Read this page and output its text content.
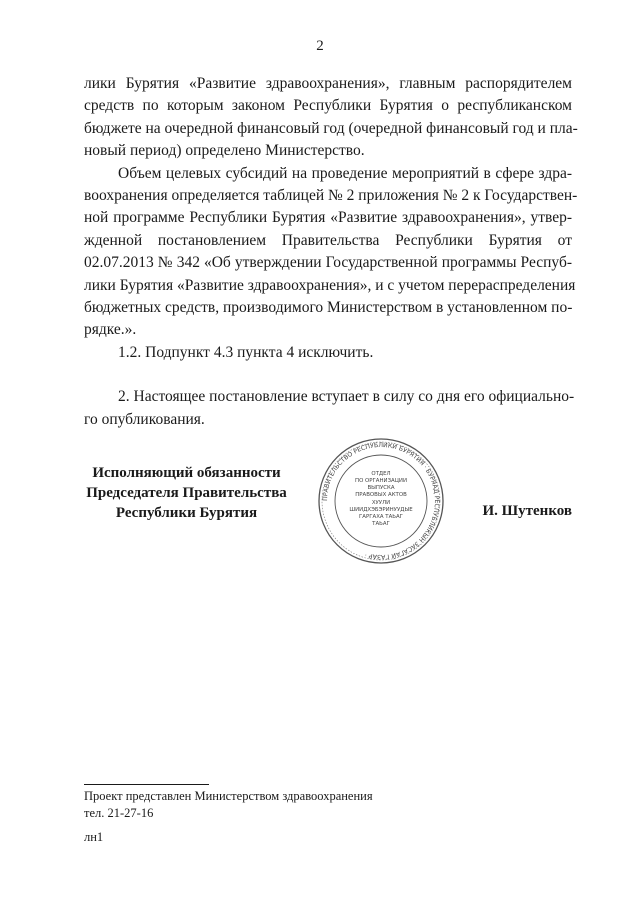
2
лики Бурятия «Развитие здравоохранения», главным распорядителем
средств по которым законом Республики Бурятия о республиканском
бюджете на очередной финансовый год (очередной финансовый год и пла-
новый период) определено Министерство.
Объем целевых субсидий на проведение мероприятий в сфере здра-
воохранения определяется таблицей № 2 приложения № 2 к Государствен-
ной программе Республики Бурятия «Развитие здравоохранения», утвер-
жденной постановлением Правительства Республики Бурятия от
02.07.2013 № 342 «Об утверждении Государственной программы Респуб-
лики Бурятия «Развитие здравоохранения», и с учетом перераспределения
бюджетных средств, производимого Министерством в установленном по-
рядке.».
1.2. Подпункт 4.3 пункта 4 исключить.
2. Настоящее постановление вступает в силу со дня его официально-
го опубликования.
Исполняющий обязанности
Председателя Правительства
Республики Бурятия
ПРАВИТЕЛЬСТВО РЕСПУБЛИКИ БУРЯТИЯ · БУРЯАД РЕСПУБЛИКЫН ЗАСАГАЙ ГАЗАР ·
ОТДЕЛ
ПО ОРГАНИЗАЦИИ
ВЫПУСКА
ПРАВОВЫХ АКТОВ
ХУУЛИ
ШИИДХЭБЭРИНУУДЫЕ
ГАРГАХА ТАЬАГ
ТАЬАГ
И. Шутенков
Проект представлен Министерством здравоохранения
тел. 21-27-16
лн1
